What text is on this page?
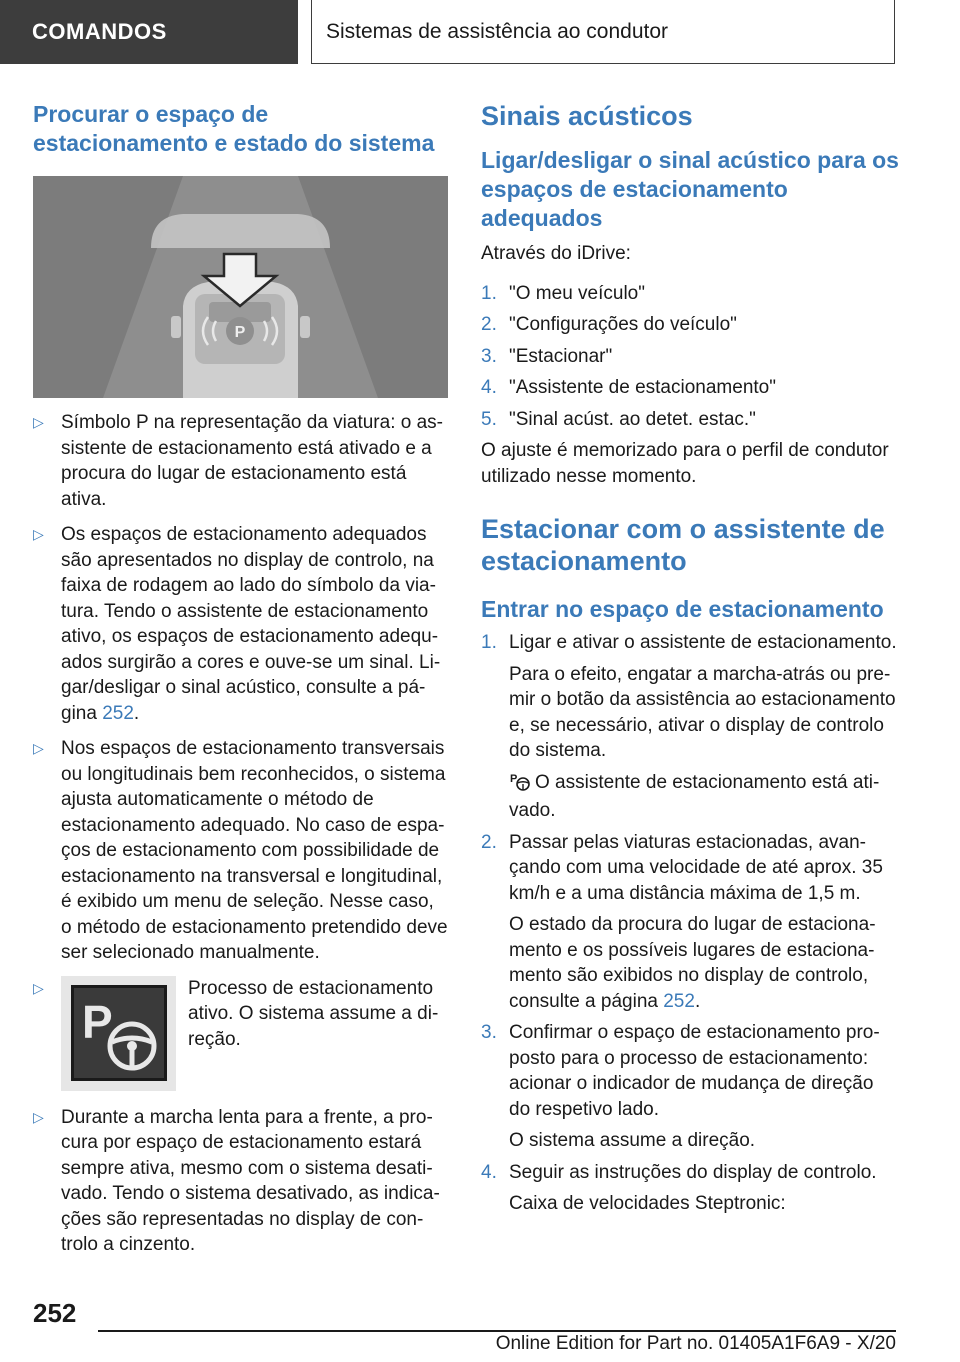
COMANDOS	Sistemas de assistência ao condutor
Procurar o espaço de estacionamento e estado do sistema
P
▷ Símbolo P na representação da viatura: o assistente de estacionamento está ativado e a procura do lugar de estacionamento está ativa.
▷ Os espaços de estacionamento adequados são apresentados no display de controlo, na faixa de rodagem ao lado do símbolo da viatura. Tendo o assistente de estacionamento ativo, os espaços de estacionamento adequados surgirão a cores e ouve-se um sinal. Ligar/desligar o sinal acústico, consulte a página 252.
▷ Nos espaços de estacionamento transversais ou longitudinais bem reconhecidos, o sistema ajusta automaticamente o método de estacionamento adequado. No caso de espaços de estacionamento com possibilidade de estacionamento na transversal e longitudinal, é exibido um menu de seleção. Nesse caso, o método de estacionamento pretendido deve ser selecionado manualmente.
▷
P
Processo de estacionamento ativo. O sistema assume a direção.
▷ Durante a marcha lenta para a frente, a procura por espaço de estacionamento estará sempre ativa, mesmo com o sistema desativado. Tendo o sistema desativado, as indicações são representadas no display de controlo a cinzento.
Sinais acústicos
Ligar/desligar o sinal acústico para os espaços de estacionamento adequados

Através do iDrive:

1. "O meu veículo"
2. "Configurações do veículo"
3. "Estacionar"
4. "Assistente de estacionamento"
5. "Sinal acúst. ao detet. estac."

O ajuste é memorizado para o perfil de condutor utilizado nesse momento.

Estacionar com o assistente de estacionamento
Entrar no espaço de estacionamento
1. Ligar e ativar o assistente de estacionamento.

Para o efeito, engatar a marcha-atrás ou premir o botão da assistência ao estacionamento e, se necessário, ativar o display de controlo do sistema.

P O assistente de estacionamento está ativado.

2. Passar pelas viaturas estacionadas, avançando com uma velocidade de até aprox. 35 km/h e a uma distância máxima de 1,5 m.

O estado da procura do lugar de estacionamento e os possíveis lugares de estacionamento são exibidos no display de controlo, consulte a página 252.

3. Confirmar o espaço de estacionamento proposto para o processo de estacionamento: acionar o indicador de mudança de direção do respetivo lado.

O sistema assume a direção.

4. Seguir as instruções do display de controlo.

Caixa de velocidades Steptronic:

252
Online Edition for Part no. 01405A1F6A9 - X/20
